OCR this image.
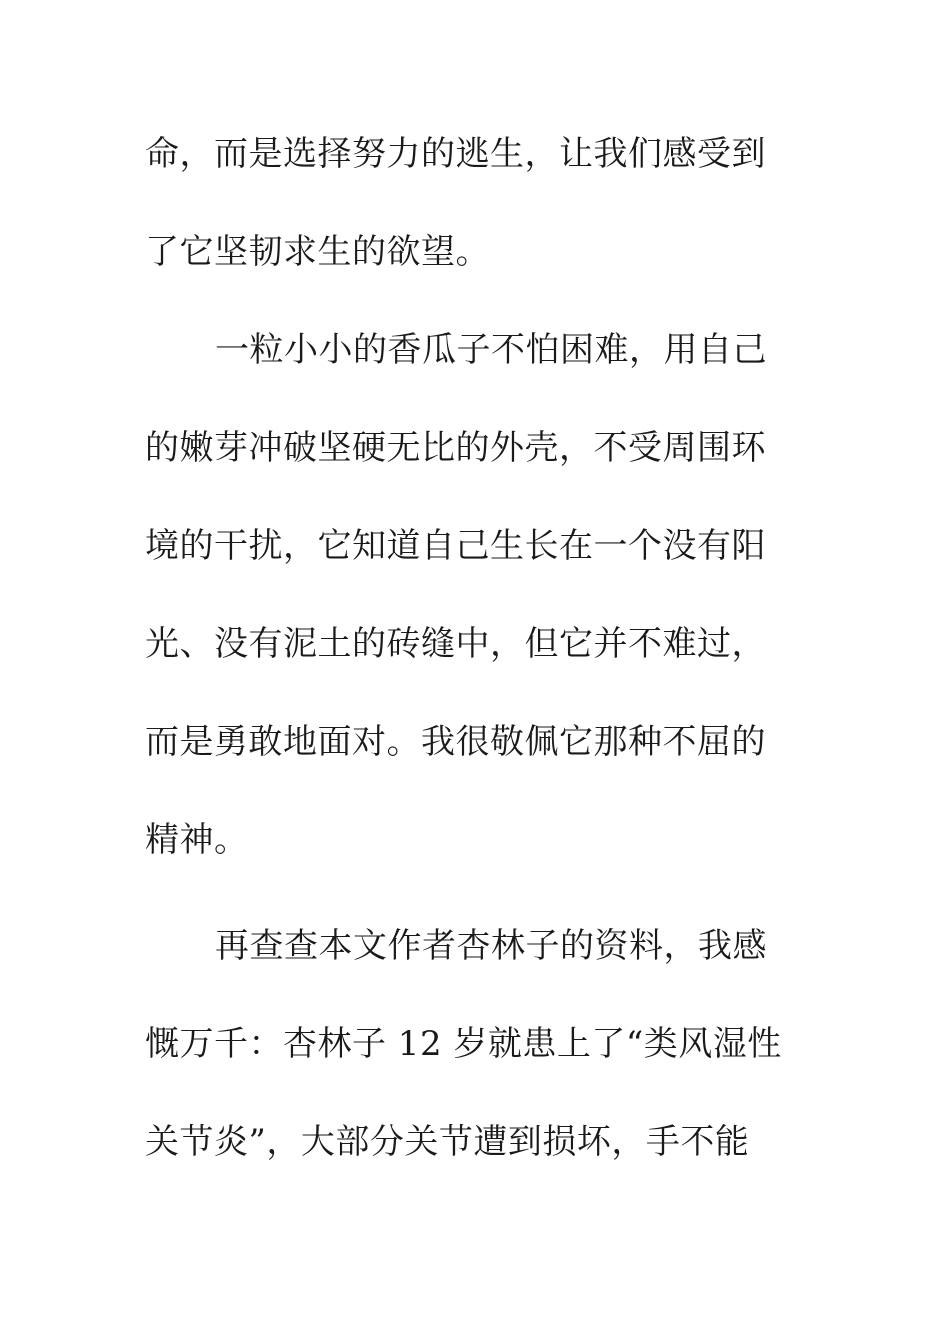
命，而是选择努力的逃生，让我们感受到
了它坚韧求生的欲望。
一粒小小的香瓜子不怕困难，用自己
的嫩芽冲破坚硬无比的外壳，不受周围环
境的干扰，它知道自己生长在一个没有阳
光、没有泥土的砖缝中，但它并不难过，
而是勇敢地面对。我很敬佩它那种不屈的
精神。
再查查本文作者杏林子的资料，我感
慨万千：杏林子 12 岁就患上了“类风湿性
关节炎”，大部分关节遭到损坏，手不能
